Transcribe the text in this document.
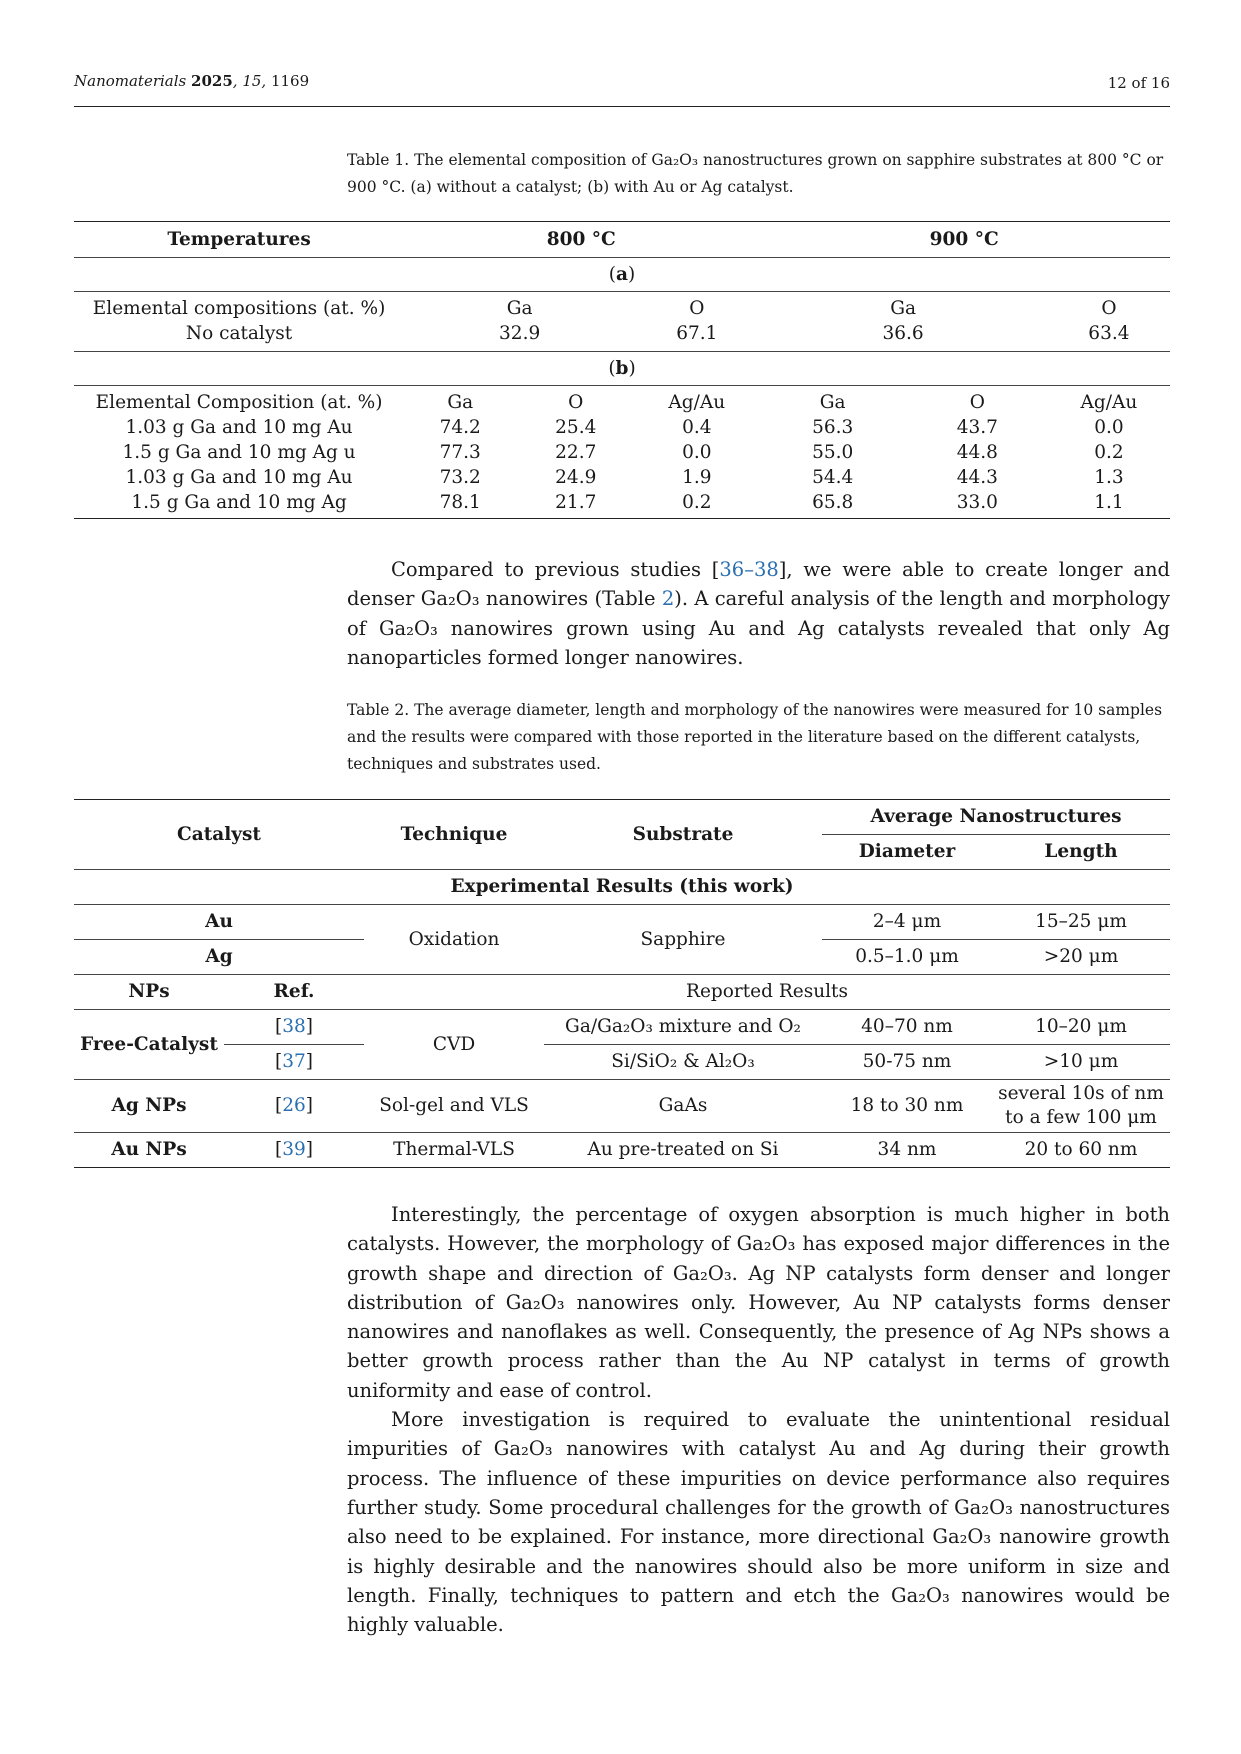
Nanomaterials 2025, 15, 1169	12 of 16
Table 1. The elemental composition of Ga₂O₃ nanostructures grown on sapphire substrates at 800 °C or 900 °C. (a) without a catalyst; (b) with Au or Ag catalyst.
Temperatures	800 °C			900 °C		
(a)						
Elemental compositions (at. %)	Ga		O	Ga		O
No catalyst	32.9		67.1	36.6		63.4
(b)						
Elemental Composition (at. %)	Ga	O	Ag/Au	Ga	O	Ag/Au
1.03 g Ga and 10 mg Au	74.2	25.4	0.4	56.3	43.7	0.0
1.5 g Ga and 10 mg Ag u	77.3	22.7	0.0	55.0	44.8	0.2
1.03 g Ga and 10 mg Au	73.2	24.9	1.9	54.4	44.3	1.3
1.5 g Ga and 10 mg Ag	78.1	21.7	0.2	65.8	33.0	1.1

Compared to previous studies [36–38], we were able to create longer and denser Ga₂O₃ nanowires (Table 2). A careful analysis of the length and morphology of Ga₂O₃ nanowires grown using Au and Ag catalysts revealed that only Ag nanoparticles formed longer nanowires.

Table 2. The average diameter, length and morphology of the nanowires were measured for 10 samples and the results were compared with those reported in the literature based on the different catalysts, techniques and substrates used.
Catalyst		Technique	Substrate	Average Nanostructures	
				Diameter	Length
Experimental Results (this work)					
Au		Oxidation	Sapphire	2–4 μm	15–25 μm
Ag				0.5–1.0 μm	>20 μm
NPs	Ref.	Reported Results			
Free-Catalyst	[38]	CVD	Ga/Ga₂O₃ mixture and O₂	40–70 nm	10–20 μm
	[37]		Si/SiO₂ & Al₂O₃	50-75 nm	>10 μm
Ag NPs	[26]	Sol-gel and VLS	GaAs	18 to 30 nm	several 10s of nm
to a few 100 μm
Au NPs	[39]	Thermal-VLS	Au pre-treated on Si	34 nm	20 to 60 nm

Interestingly, the percentage of oxygen absorption is much higher in both catalysts. However, the morphology of Ga₂O₃ has exposed major differences in the growth shape and direction of Ga₂O₃. Ag NP catalysts form denser and longer distribution of Ga₂O₃ nanowires only. However, Au NP catalysts forms denser nanowires and nanoflakes as well. Consequently, the presence of Ag NPs shows a better growth process rather than the Au NP catalyst in terms of growth uniformity and ease of control.

More investigation is required to evaluate the unintentional residual impurities of Ga₂O₃ nanowires with catalyst Au and Ag during their growth process. The influence of these impurities on device performance also requires further study. Some procedural challenges for the growth of Ga₂O₃ nanostructures also need to be explained. For instance, more directional Ga₂O₃ nanowire growth is highly desirable and the nanowires should also be more uniform in size and length. Finally, techniques to pattern and etch the Ga₂O₃ nanowires would be highly valuable.
